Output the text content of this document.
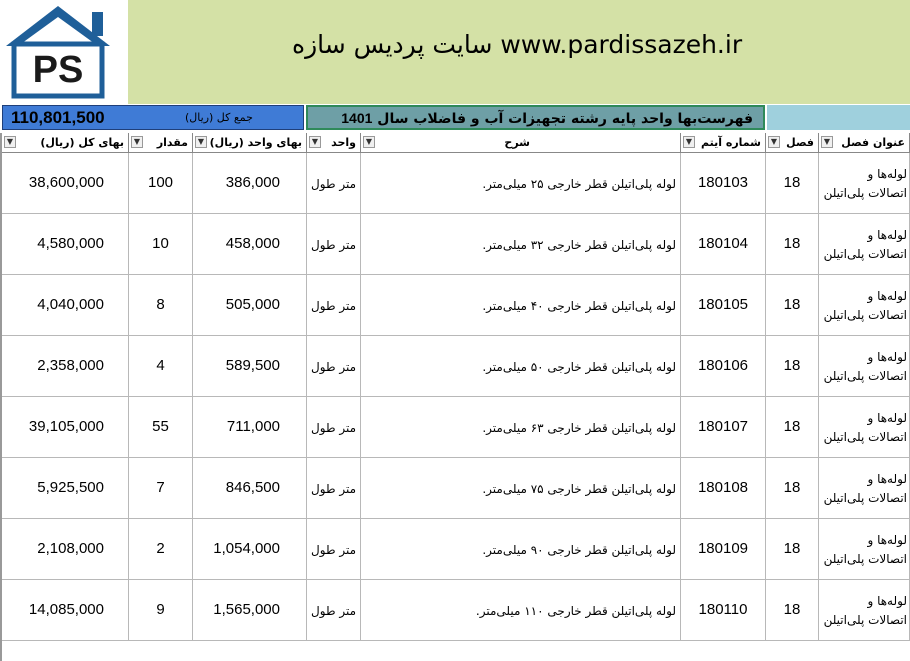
PS
سایت پردیس سازه www.pardissazeh.ir
110,801,500	جمع کل (ریال)	فهرست‌بها واحد پایه رشته تجهیزات آب و فاضلاب سال 1401
▼ بهای کل (ریال)	▼ مقدار	▼ بهای واحد (ریال)	▼ واحد	▼	شرح	▼ شماره آیتم	▼ فصل	▼ عنوان فصل
38,600,000	100	386,000	متر طول	لوله پلی‌اتیلن قطر خارجی ۲۵ میلی‌متر.	180103	18	لوله‌ها و
اتصالات پلی‌اتیلن
4,580,000	10	458,000	متر طول	لوله پلی‌اتیلن قطر خارجی ۳۲ میلی‌متر.	180104	18	لوله‌ها و
اتصالات پلی‌اتیلن
4,040,000	8	505,000	متر طول	لوله پلی‌اتیلن قطر خارجی ۴۰ میلی‌متر.	180105	18	لوله‌ها و
اتصالات پلی‌اتیلن
2,358,000	4	589,500	متر طول	لوله پلی‌اتیلن قطر خارجی ۵۰ میلی‌متر.	180106	18	لوله‌ها و
اتصالات پلی‌اتیلن
39,105,000	55	711,000	متر طول	لوله پلی‌اتیلن قطر خارجی ۶۳ میلی‌متر.	180107	18	لوله‌ها و
اتصالات پلی‌اتیلن
5,925,500	7	846,500	متر طول	لوله پلی‌اتیلن قطر خارجی ۷۵ میلی‌متر.	180108	18	لوله‌ها و
اتصالات پلی‌اتیلن
2,108,000	2	1,054,000	متر طول	لوله پلی‌اتیلن قطر خارجی ۹۰ میلی‌متر.	180109	18	لوله‌ها و
اتصالات پلی‌اتیلن
14,085,000	9	1,565,000	متر طول	لوله پلی‌اتیلن قطر خارجی ۱۱۰ میلی‌متر.	180110	18	لوله‌ها و
اتصالات پلی‌اتیلن
